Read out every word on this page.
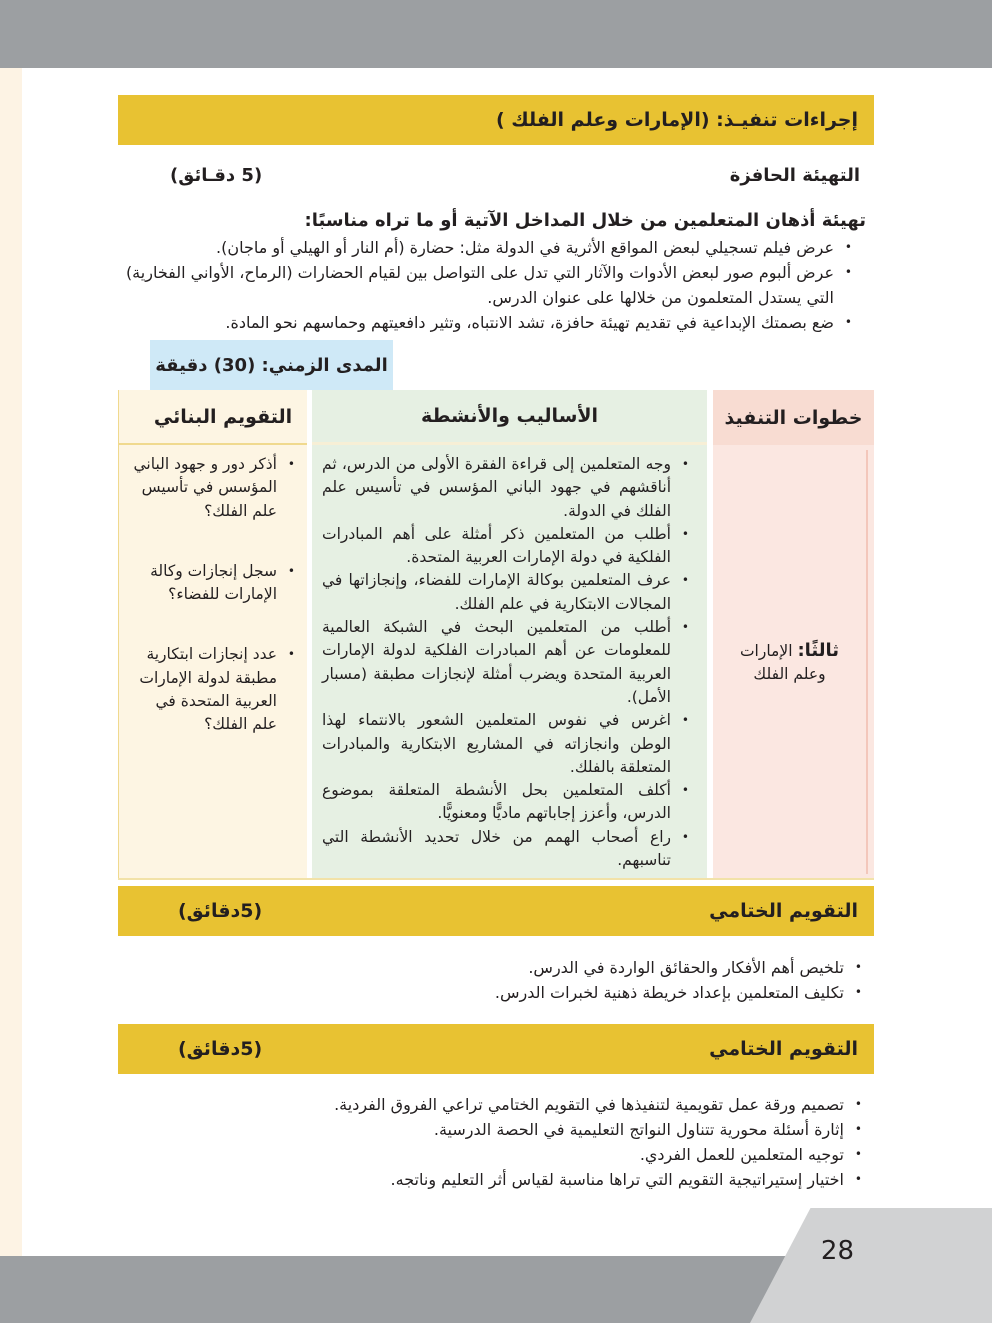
إجراءات تنفيـذ: (الإمارات وعلم الفلك )
التهيئة الحافزة
(5 دقـائق)
تهيئة أذهان المتعلمين من خلال المداخل الآتية أو ما تراه مناسبًا:
• عرض فيلم تسجيلي لبعض المواقع الأثرية في الدولة مثل: حضارة (أم النار أو الهيلي أو ماجان).
• عرض ألبوم صور لبعض الأدوات والآثار التي تدل على التواصل بين لقيام الحضارات (الرماح، الأواني الفخارية) التي يستدل المتعلمون من خلالها على عنوان الدرس.
• ضع بصمتك الإبداعية في تقديم تهيئة حافزة، تشد الانتباه، وتثير دافعيتهم وحماسهم نحو المادة.
المدى الزمني: (30) دقيقة
خطوات التنفيذ
ثالثًا: الإمارات وعلم الفلك
الأساليب والأنشطة
• وجه المتعلمين إلى قراءة الفقرة الأولى من الدرس، ثم أناقشهم في جهود الباني المؤسس في تأسيس علم الفلك في الدولة.
• أطلب من المتعلمين ذكر أمثلة على أهم المبادرات الفلكية في دولة الإمارات العربية المتحدة.
• عرف المتعلمين بوكالة الإمارات للفضاء، وإنجازاتها في المجالات الابتكارية في علم الفلك.
• أطلب من المتعلمين البحث في الشبكة العالمية للمعلومات عن أهم المبادرات الفلكية لدولة الإمارات العربية المتحدة ويضرب أمثلة لإنجازات مطبقة (مسبار الأمل).
• اغرس في نفوس المتعلمين الشعور بالانتماء لهذا الوطن وانجازاته في المشاريع الابتكارية والمبادرات المتعلقة بالفلك.
• أكلف المتعلمين بحل الأنشطة المتعلقة بموضوع الدرس، وأعزز إجاباتهم ماديًّا ومعنويًّا.
• راع أصحاب الهمم من خلال تحديد الأنشطة التي تناسبهم.
التقويم البنائي
• أذكر دور و جهود الباني المؤسس في تأسيس علم الفلك؟
• سجل إنجازات وكالة الإمارات للفضاء؟
• عدد إنجازات ابتكارية مطبقة لدولة الإمارات العربية المتحدة في علم الفلك؟
التقويم الختامي
(5دقائق)
• تلخيص أهم الأفكار والحقائق الواردة في الدرس.
• تكليف المتعلمين بإعداد خريطة ذهنية لخبرات الدرس.
التقويم الختامي
(5دقائق)
• تصميم ورقة عمل تقويمية لتنفيذها في التقويم الختامي تراعي الفروق الفردية.
• إثارة أسئلة محورية تتناول النواتج التعليمية في الحصة الدرسية.
• توجيه المتعلمين للعمل الفردي.
• اختيار إستيراتيجية التقويم التي تراها مناسبة لقياس أثر التعليم وناتجه.
28
